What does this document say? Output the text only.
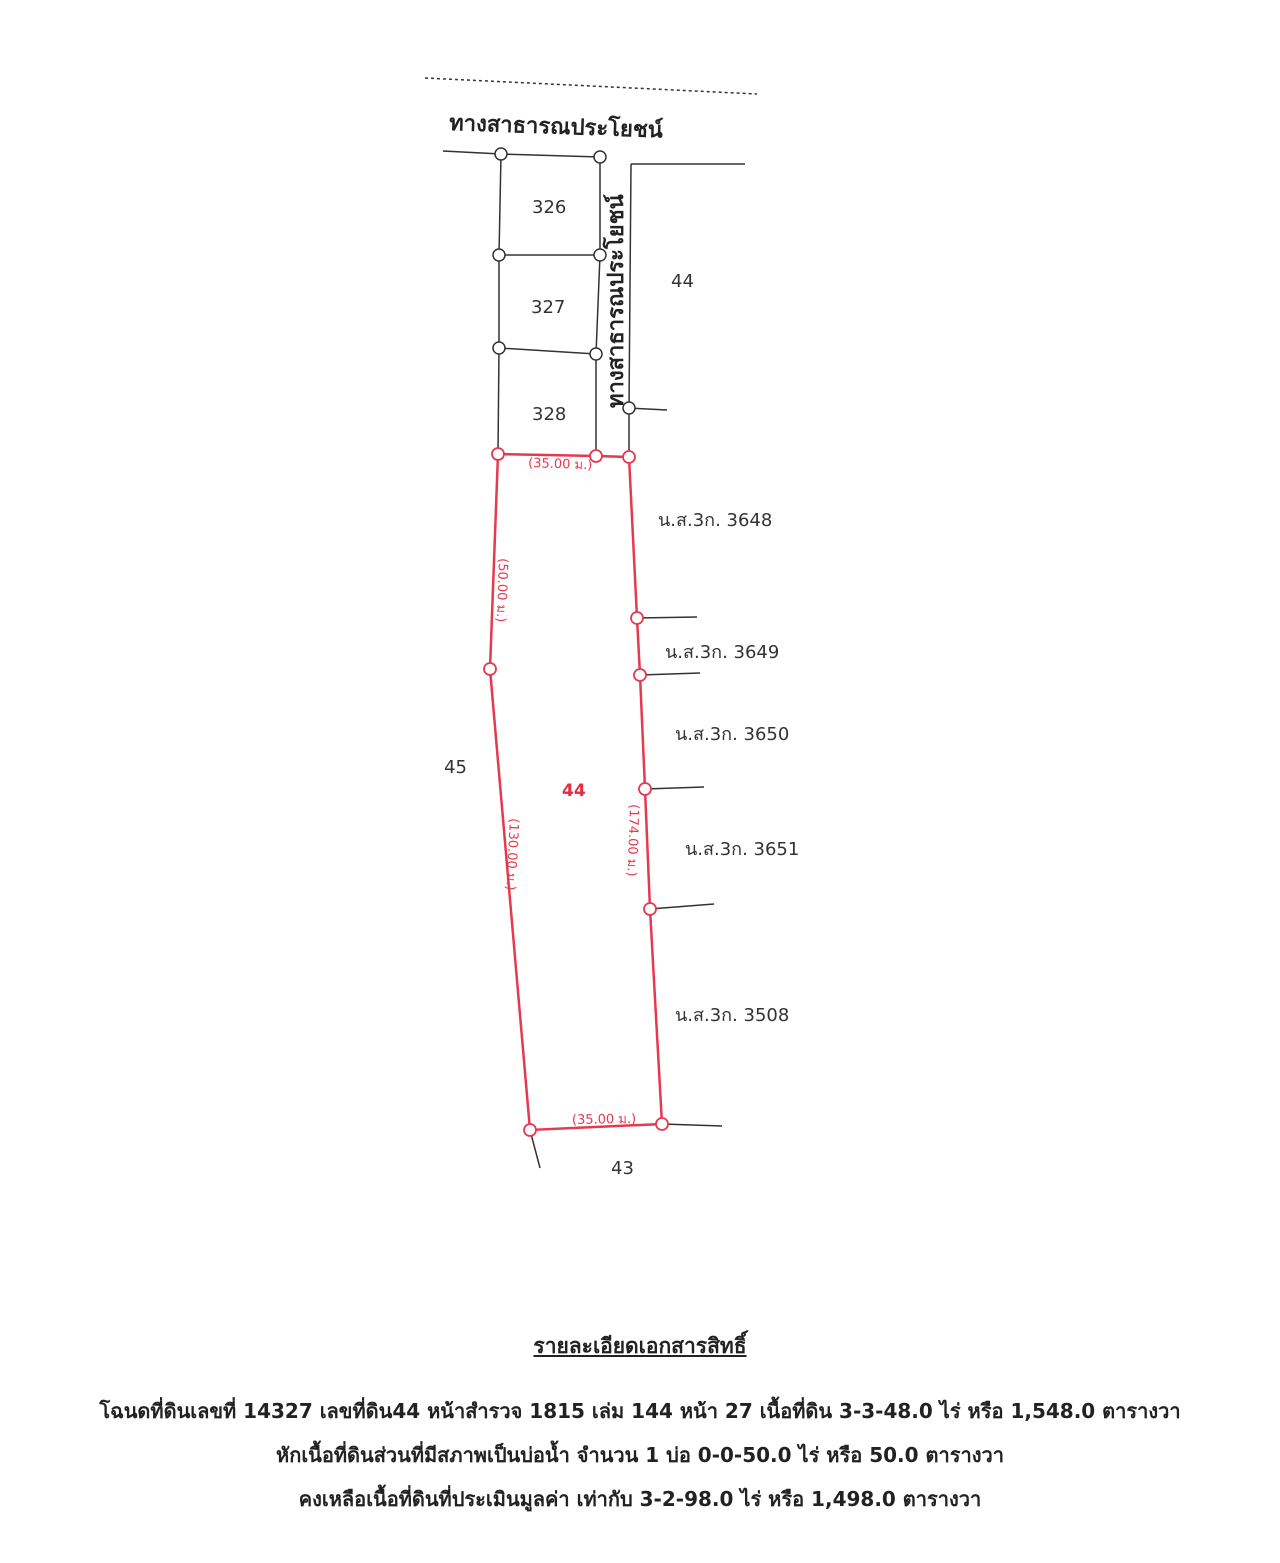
ทางสาธารณประโยชน์
ทางสาธารณประโยชน์
326
327
328
44
45
43
น.ส.3ก. 3648
น.ส.3ก. 3649
น.ส.3ก. 3650
น.ส.3ก. 3651
น.ส.3ก. 3508
44
(35.00 ม.)
(35.00 ม.)
(50.00 ม.)
(130.00 ม.)	(174.00 ม.)
รายละเอียดเอกสารสิทธิ์
โฉนดที่ดินเลขที่ 14327 เลขที่ดิน44 หน้าสำรวจ 1815 เล่ม 144 หน้า 27 เนื้อที่ดิน 3-3-48.0 ไร่ หรือ 1,548.0 ตารางวา
หักเนื้อที่ดินส่วนที่มีสภาพเป็นบ่อน้ำ จำนวน 1 บ่อ 0-0-50.0 ไร่ หรือ 50.0 ตารางวา
คงเหลือเนื้อที่ดินที่ประเมินมูลค่า เท่ากับ 3-2-98.0 ไร่ หรือ 1,498.0 ตารางวา
